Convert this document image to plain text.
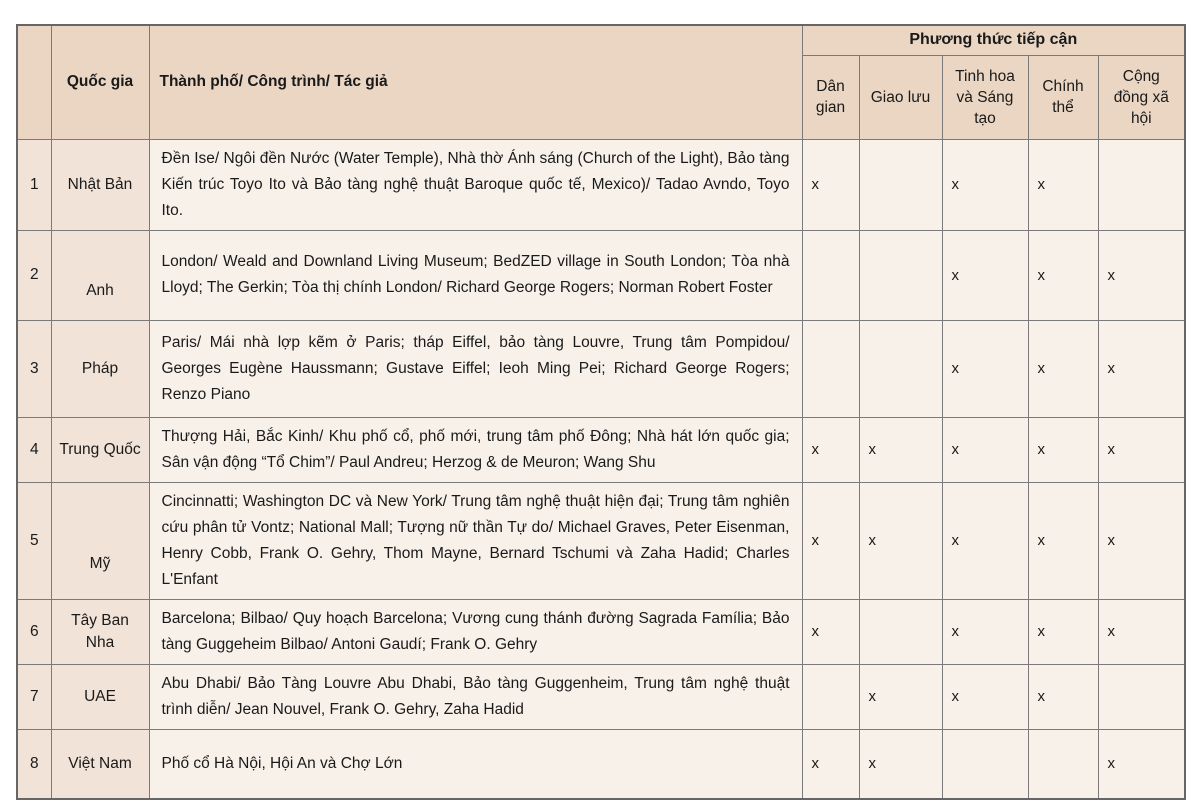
	Quốc gia	Thành phố/ Công trình/ Tác giả	Phương thức tiếp cận				
			Dân gian	Giao lưu	Tinh hoa và Sáng tạo	Chính thể	Cộng đồng xã hội
1	Nhật Bản	Đền Ise/ Ngôi đền Nước (Water Temple), Nhà thờ Ánh sáng (Church of the Light), Bảo tàng Kiến trúc Toyo Ito và Bảo tàng nghệ thuật Baroque quốc tế, Mexico)/ Tadao Avndo, Toyo Ito.	x		x	x	
2	Anh	London/ Weald and Downland Living Museum; BedZED village in South London; Tòa nhà Lloyd; The Gerkin; Tòa thị chính London/ Richard George Rogers; Norman Robert Foster			x	x	x
3	Pháp	Paris/ Mái nhà lợp kẽm ở Paris; tháp Eiffel, bảo tàng Louvre, Trung tâm Pompidou/ Georges Eugène Haussmann; Gustave Eiffel; Ieoh Ming Pei; Richard George Rogers; Renzo Piano			x	x	x
4	Trung Quốc	Thượng Hải, Bắc Kinh/ Khu phố cổ, phố mới, trung tâm phố Đông; Nhà hát lớn quốc gia; Sân vận động “Tổ Chim”/ Paul Andreu; Herzog & de Meuron; Wang Shu	x	x	x	x	x
5	Mỹ	Cincinnatti; Washington DC và New York/ Trung tâm nghệ thuật hiện đại; Trung tâm nghiên cứu phân tử Vontz; National Mall; Tượng nữ thần Tự do/ Michael Graves, Peter Eisenman, Henry Cobb, Frank O. Gehry, Thom Mayne, Bernard Tschumi và Zaha Hadid; Charles L'Enfant	x	x	x	x	x
6	Tây Ban Nha	Barcelona; Bilbao/ Quy hoạch Barcelona; Vương cung thánh đường Sagrada Família; Bảo tàng Guggeheim Bilbao/ Antoni Gaudí; Frank O. Gehry	x		x	x	x
7	UAE	Abu Dhabi/ Bảo Tàng Louvre Abu Dhabi, Bảo tàng Guggenheim, Trung tâm nghệ thuật trình diễn/ Jean Nouvel, Frank O. Gehry, Zaha Hadid		x	x	x	
8	Việt Nam	Phố cổ Hà Nội, Hội An và Chợ Lớn	x	x			x
